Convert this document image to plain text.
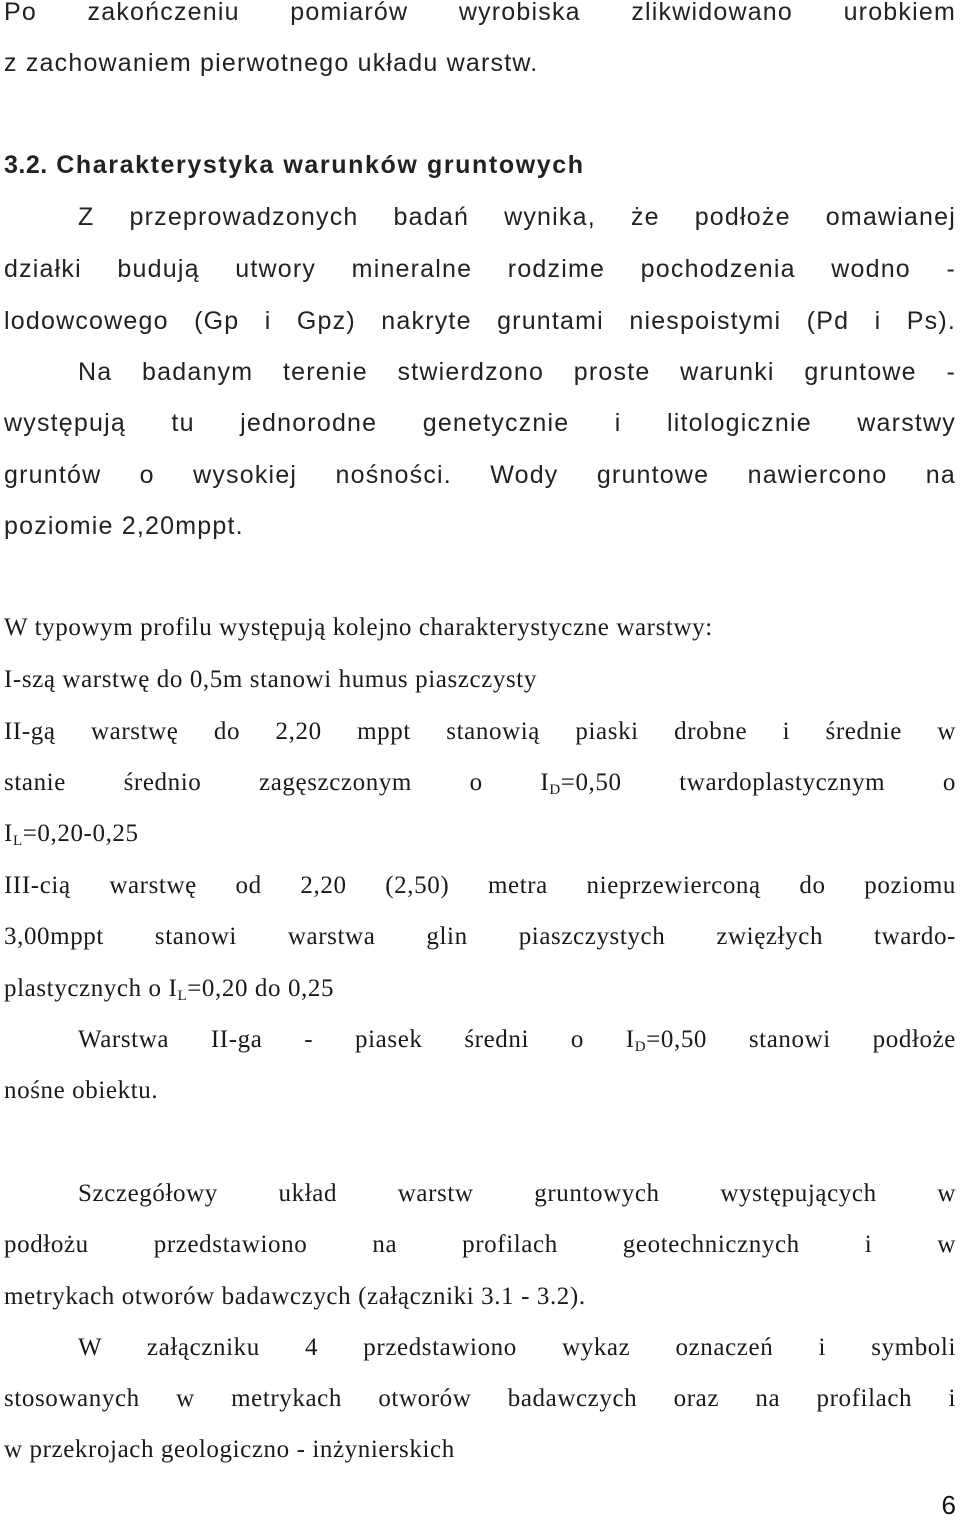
Po zakończeniu pomiarów wyrobiska zlikwidowano urobkiem
z zachowaniem pierwotnego układu warstw.
3.2. Charakterystyka warunków gruntowych
Z przeprowadzonych badań wynika, że podłoże omawianej
działki budują utwory mineralne rodzime pochodzenia wodno -
lodowcowego (Gp i Gpz) nakryte gruntami niespoistymi (Pd i Ps).
Na badanym terenie stwierdzono proste warunki gruntowe -
występują tu jednorodne genetycznie i litologicznie warstwy
gruntów o wysokiej nośności. Wody gruntowe nawiercono na
poziomie 2,20mppt.
W typowym profilu występują kolejno charakterystyczne warstwy:
I-szą warstwę do 0,5m stanowi humus piaszczysty
II-gą warstwę do 2,20 mppt stanowią piaski drobne i średnie w
stanie średnio zagęszczonym o $I_D=0,50$ twardoplastycznym o
$I_L=0,20-0,25$
III-cią warstwę od 2,20 (2,50) metra nieprzewierconą do poziomu
3,00mppt stanowi warstwa glin piaszczystych zwięzłych twardo-
plastycznych o $I_L=0,20$ do 0,25
Warstwa II-ga - piasek średni o $I_D=0,50$ stanowi podłoże
nośne obiektu.
Szczegółowy układ warstw gruntowych występujących w
podłożu przedstawiono na profilach geotechnicznych i w
metrykach otworów badawczych (załączniki 3.1 - 3.2).
W załączniku 4 przedstawiono wykaz oznaczeń i symboli
stosowanych w metrykach otworów badawczych oraz na profilach i
w przekrojach geologiczno - inżynierskich
6
